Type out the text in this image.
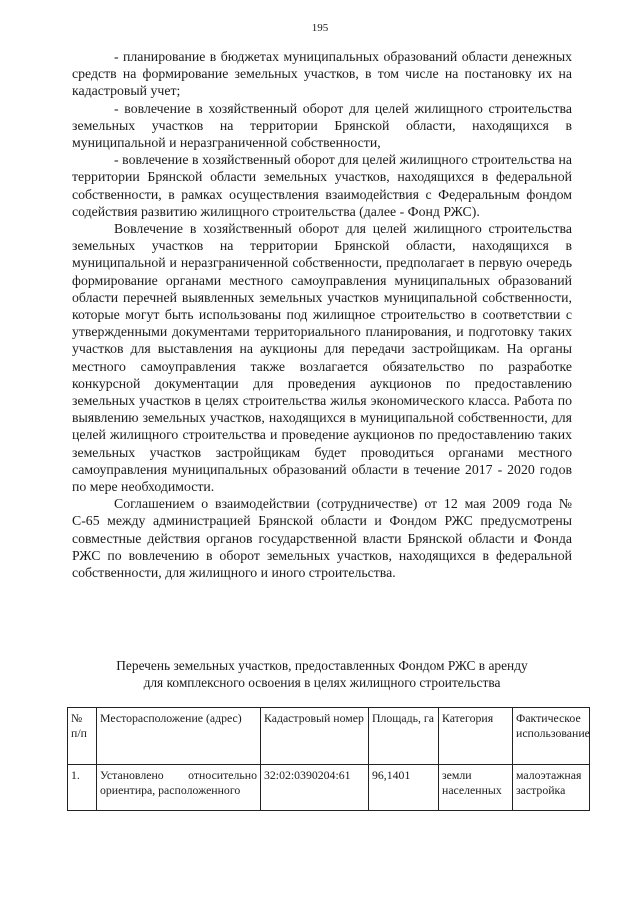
195

- планирование в бюджетах муниципальных образований области денежных средств на формирование земельных участков, в том числе на постановку их на кадастровый учет;

- вовлечение в хозяйственный оборот для целей жилищного строительства земельных участков на территории Брянской области, находящихся в муниципальной и неразграниченной собственности,

- вовлечение в хозяйственный оборот для целей жилищного строительства на территории Брянской области земельных участков, находящихся в федеральной собственности, в рамках осуществления взаимодействия с Федеральным фондом содействия развитию жилищного строительства (далее - Фонд РЖС).

Вовлечение в хозяйственный оборот для целей жилищного строительства земельных участков на территории Брянской области, находящихся в муниципальной и неразграниченной собственности, предполагает в первую очередь формирование органами местного самоуправления муниципальных образований области перечней выявленных земельных участков муниципальной собственности, которые могут быть использованы под жилищное строительство в соответствии с утвержденными документами территориального планирования, и подготовку таких участков для выставления на аукционы для передачи застройщикам. На органы местного самоуправления также возлагается обязательство по разработке конкурсной документации для проведения аукционов по предоставлению земельных участков в целях строительства жилья экономического класса. Работа по выявлению земельных участков, находящихся в муниципальной собственности, для целей жилищного строительства и проведение аукционов по предоставлению таких земельных участков застройщикам будет проводиться органами местного самоуправления муниципальных образований области в течение 2017 - 2020 годов по мере необходимости.

Соглашением о взаимодействии (сотрудничестве) от 12 мая 2009 года № С-65 между администрацией Брянской области и Фондом РЖС предусмотрены совместные действия органов государственной власти Брянской области и Фонда РЖС по вовлечению в оборот земельных участков, находящихся в федеральной собственности, для жилищного и иного строительства.

Перечень земельных участков, предоставленных Фондом РЖС в аренду

для комплексного освоения в целях жилищного строительства

№ п/п	Месторасположение (адрес)	Кадастровый номер	Площадь, га	Категория	Фактическое использование
1.	Установлено относительно ориентира, расположенного	32:02:0390204:61	96,1401	земли населенных	малоэтажная застройка
